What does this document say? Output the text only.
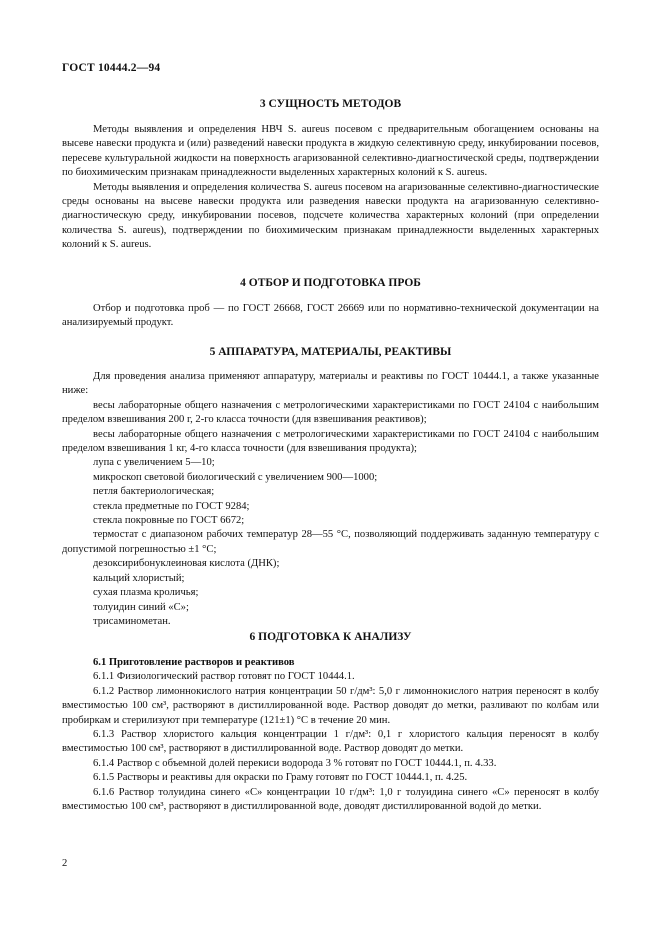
ГОСТ 10444.2—94
3 СУЩНОСТЬ МЕТОДОВ

Методы выявления и определения НВЧ S. aureus посевом с предварительным обогащением основаны на высеве навески продукта и (или) разведений навески продукта в жидкую селективную среду, инкубировании посевов, пересеве культуральной жидкости на поверхность агаризованной селективно-диагностической среды, подтверждении по биохимическим признакам принадлежности выделенных характерных колоний к S. aureus.

Методы выявления и определения количества S. aureus посевом на агаризованные селективно-диагностические среды основаны на высеве навески продукта или разведения навески продукта на агаризованную селективно-диагностическую среду, инкубировании посевов, подсчете количества характерных колоний (при определении количества S. aureus), подтверждении по биохимическим признакам принадлежности выделенных характерных колоний к S. aureus.

4 ОТБОР И ПОДГОТОВКА ПРОБ

Отбор и подготовка проб — по ГОСТ 26668, ГОСТ 26669 или по нормативно-технической документации на анализируемый продукт.

5 АППАРАТУРА, МАТЕРИАЛЫ, РЕАКТИВЫ

Для проведения анализа применяют аппаратуру, материалы и реактивы по ГОСТ 10444.1, а также указанные ниже:

весы лабораторные общего назначения с метрологическими характеристиками по ГОСТ 24104 с наибольшим пределом взвешивания 200 г, 2-го класса точности (для взвешивания реактивов);

весы лабораторные общего назначения с метрологическими характеристиками по ГОСТ 24104 с наибольшим пределом взвешивания 1 кг, 4-го класса точности (для взвешивания продукта);

лупа с увеличением 5—10;
микроскоп световой биологический с увеличением 900—1000;
петля бактериологическая;
стекла предметные по ГОСТ 9284;
стекла покровные по ГОСТ 6672;

термостат с диапазоном рабочих температур 28—55 °С, позволяющий поддерживать заданную температуру с допустимой погрешностью ±1 °С;

дезоксирибонуклеиновая кислота (ДНК);
кальций хлористый;
сухая плазма кроличья;
толуидин синий «С»;
трисаминометан.
6 ПОДГОТОВКА К АНАЛИЗУ

6.1 Приготовление растворов и реактивов

6.1.1 Физиологический раствор готовят по ГОСТ 10444.1.

6.1.2 Раствор лимоннокислого натрия концентрации 50 г/дм³: 5,0 г лимоннокислого натрия переносят в колбу вместимостью 100 см³, растворяют в дистиллированной воде. Раствор доводят до метки, разливают по колбам или пробиркам и стерилизуют при температуре (121±1) °С в течение 20 мин.

6.1.3 Раствор хлористого кальция концентрации 1 г/дм³: 0,1 г хлористого кальция переносят в колбу вместимостью 100 см³, растворяют в дистиллированной воде. Раствор доводят до метки.

6.1.4 Раствор с объемной долей перекиси водорода 3 % готовят по ГОСТ 10444.1, п. 4.33.

6.1.5 Растворы и реактивы для окраски по Граму готовят по ГОСТ 10444.1, п. 4.25.

6.1.6 Раствор толуидина синего «С» концентрации 10 г/дм³: 1,0 г толуидина синего «С» переносят в колбу вместимостью 100 см³, растворяют в дистиллированной воде, доводят дистиллированной водой до метки.

2
